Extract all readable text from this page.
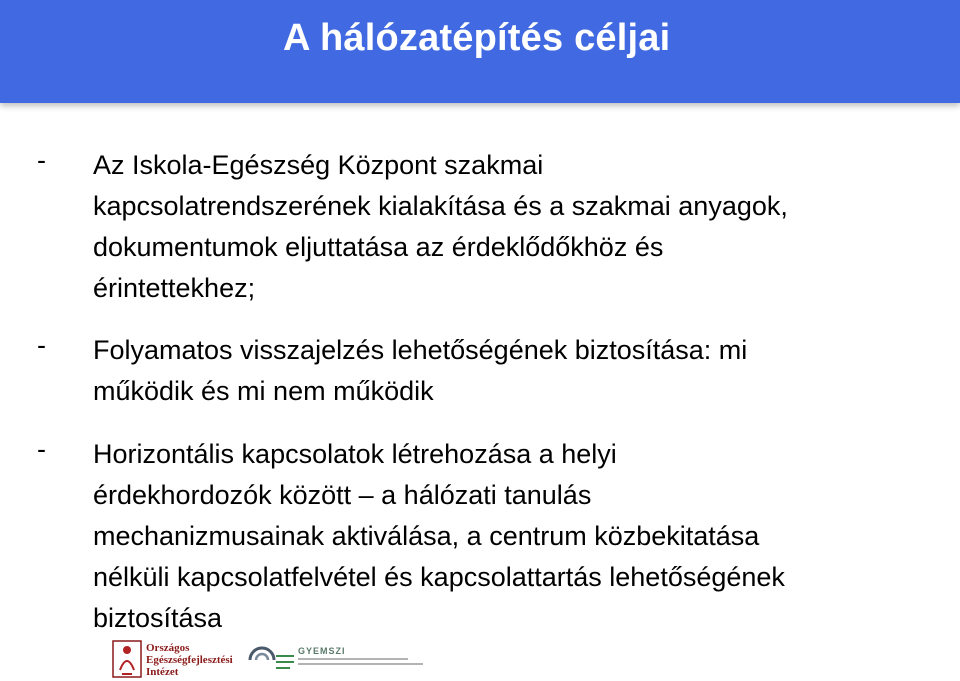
A hálózatépítés céljai
- Az Iskola-Egészség Központ szakmai
kapcsolatrendszerének kialakítása és a szakmai anyagok,
dokumentumok eljuttatása az érdeklődőkhöz és
érintettekhez;
- Folyamatos visszajelzés lehetőségének biztosítása: mi
működik és mi nem működik
- Horizontális kapcsolatok létrehozása a helyi
érdekhordozók között – a hálózati tanulás
mechanizmusainak aktiválása, a centrum közbekitatása
nélküli kapcsolatfelvétel és kapcsolattartás lehetőségének
biztosítása
Országos
Egészségfejlesztési
Intézet
GYEMSZI
